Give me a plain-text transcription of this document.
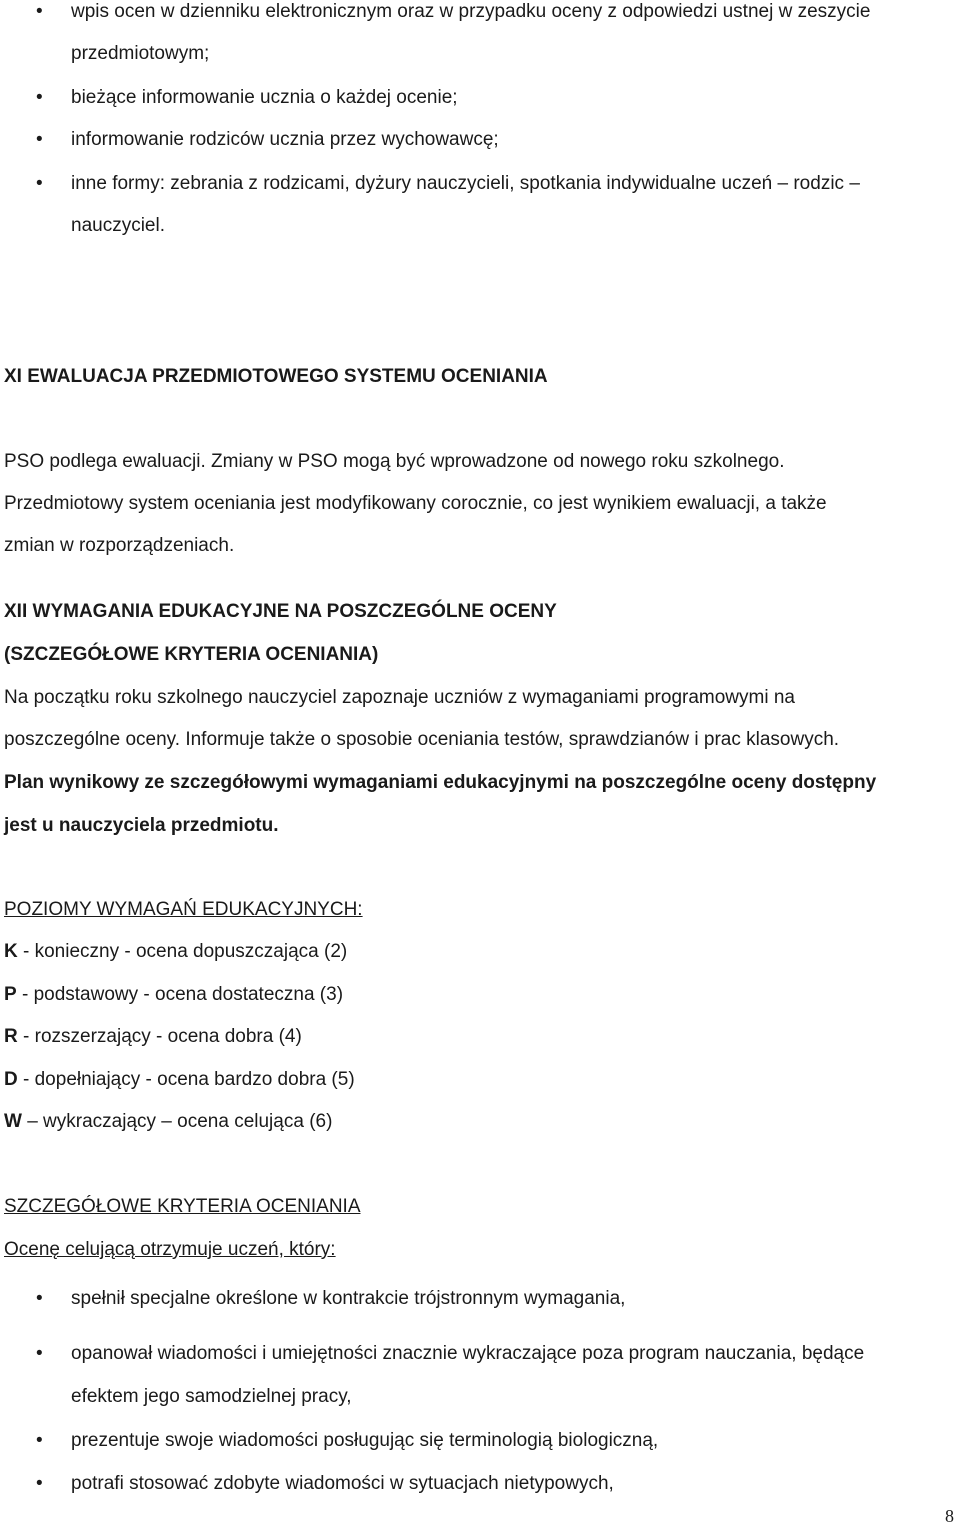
• wpis ocen w dzienniku elektronicznym oraz w przypadku oceny z odpowiedzi ustnej w zeszycie
przedmiotowym;
• bieżące informowanie ucznia o każdej ocenie;
• informowanie rodziców ucznia przez wychowawcę;
• inne formy: zebrania z rodzicami, dyżury nauczycieli, spotkania indywidualne uczeń – rodzic –
nauczyciel.
XI EWALUACJA PRZEDMIOTOWEGO SYSTEMU OCENIANIA
PSO podlega ewaluacji. Zmiany w PSO mogą być wprowadzone od nowego roku szkolnego.
Przedmiotowy system oceniania jest modyfikowany corocznie, co jest wynikiem ewaluacji, a także
zmian w rozporządzeniach.
XII WYMAGANIA EDUKACYJNE NA POSZCZEGÓLNE OCENY
(SZCZEGÓŁOWE KRYTERIA OCENIANIA)
Na początku roku szkolnego nauczyciel zapoznaje uczniów z wymaganiami programowymi na
poszczególne oceny. Informuje także o sposobie oceniania testów, sprawdzianów i prac klasowych.
Plan wynikowy ze szczegółowymi wymaganiami edukacyjnymi na poszczególne oceny dostępny
jest u nauczyciela przedmiotu.
POZIOMY WYMAGAŃ EDUKACYJNYCH:
K - konieczny - ocena dopuszczająca (2)
P - podstawowy - ocena dostateczna (3)
R - rozszerzający - ocena dobra (4)
D - dopełniający - ocena bardzo dobra (5)
W – wykraczający – ocena celująca (6)
SZCZEGÓŁOWE KRYTERIA OCENIANIA
Ocenę celującą otrzymuje uczeń, który:
• spełnił specjalne określone w kontrakcie trójstronnym wymagania,
• opanował wiadomości i umiejętności znacznie wykraczające poza program nauczania, będące
efektem jego samodzielnej pracy,
• prezentuje swoje wiadomości posługując się terminologią biologiczną,
• potrafi stosować zdobyte wiadomości w sytuacjach nietypowych,
8
